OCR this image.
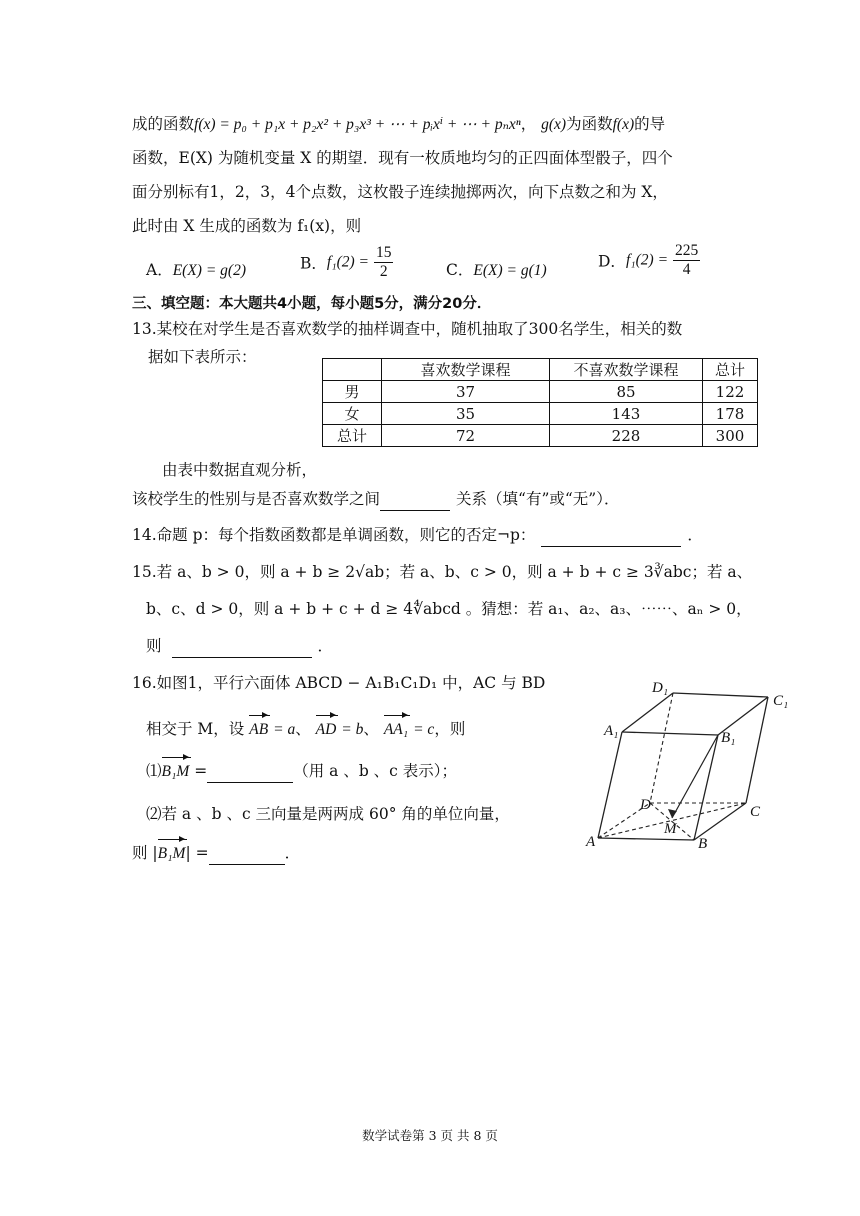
成的函数f(x) = p₀ + p₁x + p₂x² + p₃x³ + ⋯ + pᵢxⁱ + ⋯ + pₙxⁿ， g(x)为函数f(x)的导
函数，E(X) 为随机变量 X 的期望．现有一枚质地均匀的正四面体型骰子，四个
面分别标有1，2，3，4个点数，这枚骰子连续抛掷两次，向下点数之和为 X，
此时由 X 生成的函数为 f₁(x)，则
A．E(X) = g(2)	B．$f_1(2) = \frac{15}{2}$	C．E(X) = g(1)	D．$f_1(2) = \frac{225}{4}$
三、填空题：本大题共4小题，每小题5分，满分20分．
13.某校在对学生是否喜欢数学的抽样调查中，随机抽取了300名学生，相关的数
据如下表所示：
	喜欢数学课程	不喜欢数学课程	总计
男	37	85	122
女	35	143	178
总计	72	228	300
由表中数据直观分析，
该校学生的性别与是否喜欢数学之间	关系（填“有”或“无”）．
14.命题 p：每个指数函数都是单调函数，则它的否定¬p：	．
15.若 a、b > 0，则 a + b ≥ 2√ab；若 a、b、c > 0，则 a + b + c ≥ 3∛abc；若 a、
b、c、d > 0，则 a + b + c + d ≥ 4∜abcd 。猜想：若 a₁、a₂、a₃、⋯⋯、aₙ > 0，
则	．
16.如图1，平行六面体 ABCD − A₁B₁C₁D₁ 中，AC 与 BD
相交于 M，设 AB = a、 AD = b、 AA₁ = c，则
⑴B₁M =	（用 a 、b 、c 表示）；
⑵若 a 、b 、c 三向量是两两成 60° 角的单位向量，
则 |B₁M| =	．
D₁
C₁
A₁	B₁
D	C
M
A	B
数学试卷第 3 页 共 8 页
